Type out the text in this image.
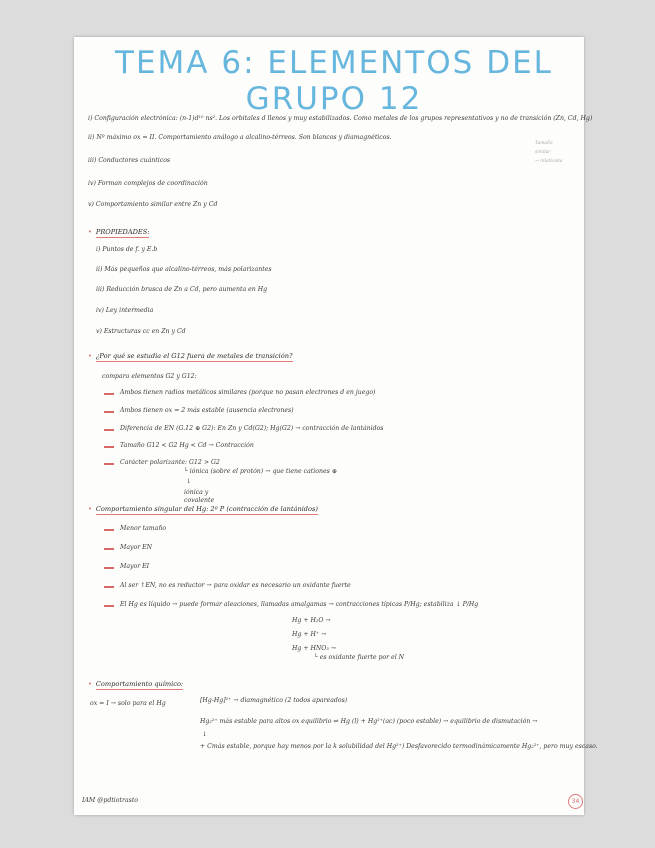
TEMA 6: ELEMENTOS DEL GRUPO 12
i) Configuración electrónica: (n-1)d¹⁰ ns². Los orbitales d llenos y muy estabilizados. Como metales de los grupos representativos y no de transición (Zn, Cd, Hg)
ii) Nº máximo ox = II. Comportamiento análogo a alcalino-térreos. Son blancos y diamagnéticos.
iii) Conductores cuánticos
iv) Forman complejos de coordinación
v) Comportamiento similar entre Zn y Cd
Tamaño
similar
→ relativista
• PROPIEDADES:
i) Puntos de f. y E.b
ii) Más pequeños que alcalino-térreos, más polarizantes
iii) Reducción brusca de Zn a Cd, pero aumenta en Hg
iv) Ley intermedia
v) Estructuras cc en Zn y Cd
• ¿Por qué se estudia el G12 fuera de metales de transición?
compara elementos G2 y G12:
Ambos tienen radios metálicos similares (porque no pasan electrones d en juego)
Ambos tienen ox = 2 más estable (ausencia electrones)
Diferencia de EN (G.12 ⊕ G2): En Zn y Cd(G2); Hg(G2) → contracción de lantánidos
Tamaño G12 < G2 Hg < Cd → Contracción
Carácter polarizante: G12 > G2
└ iónica (sobre el protón) → que tiene cationes ⊕
↓
iónica y
covalente
• Comportamiento singular del Hg: 2º P (contracción de lantánidos)
Menor tamaño
Mayor EN
Mayor EI
Al ser ↑EN, no es reductor → para oxidar es necesario un oxidante fuerte
El Hg es líquido → puede formar aleaciones, llamadas amalgamas → contracciones típicas P/Hg; estabiliza ↓ P/Hg
Hg + H₂O →
Hg + H⁺ →
Hg + HNO₃ →
└ es oxidante fuerte por el N
• Comportamiento químico:
ox = I → solo para el Hg	[Hg-Hg]²⁺ → diamagnético (2 todos apareados)
Hg₂²⁺ más estable para altos ox equilibrio ⇌ Hg (l) + Hg²⁺(ac) (poco estable) → equilibrio de dismutación →
↓
+ Cmás estable, porque hay menos por la k solubilidad del Hg²⁺) Desfavorecido termodinámicamente Hg₂²⁺, pero muy escaso.
IAM @pdtiotrasto	34
